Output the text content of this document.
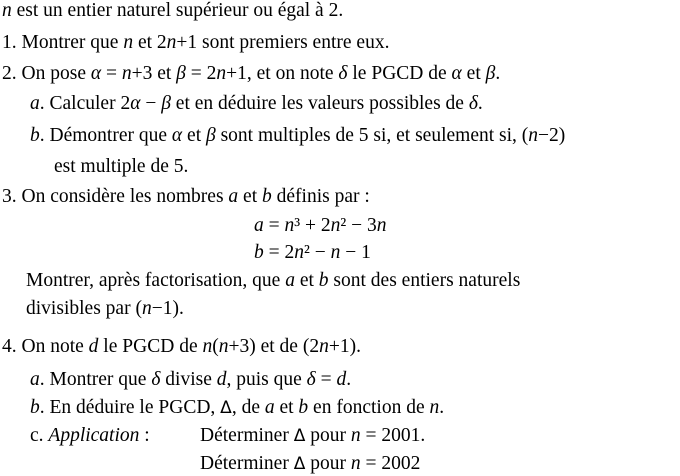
n est un entier naturel supérieur ou égal à 2.
1. Montrer que n et 2n+1 sont premiers entre eux.
2. On pose α = n+3 et β = 2n+1, et on note δ le PGCD de α et β.
a. Calculer 2α − β et en déduire les valeurs possibles de δ.
b. Démontrer que α et β sont multiples de 5 si, et seulement si, (n−2)
est multiple de 5.
3. On considère les nombres a et b définis par :
a = n³ + 2n² − 3n
b = 2n² − n − 1
Montrer, après factorisation, que a et b sont des entiers naturels
divisibles par (n−1).
4. On note d le PGCD de n(n+3) et de (2n+1).
a. Montrer que δ divise d, puis que δ = d.
b. En déduire le PGCD, Δ, de a et b en fonction de n.
c. Application :	Déterminer Δ pour n = 2001.
Déterminer Δ pour n = 2002
